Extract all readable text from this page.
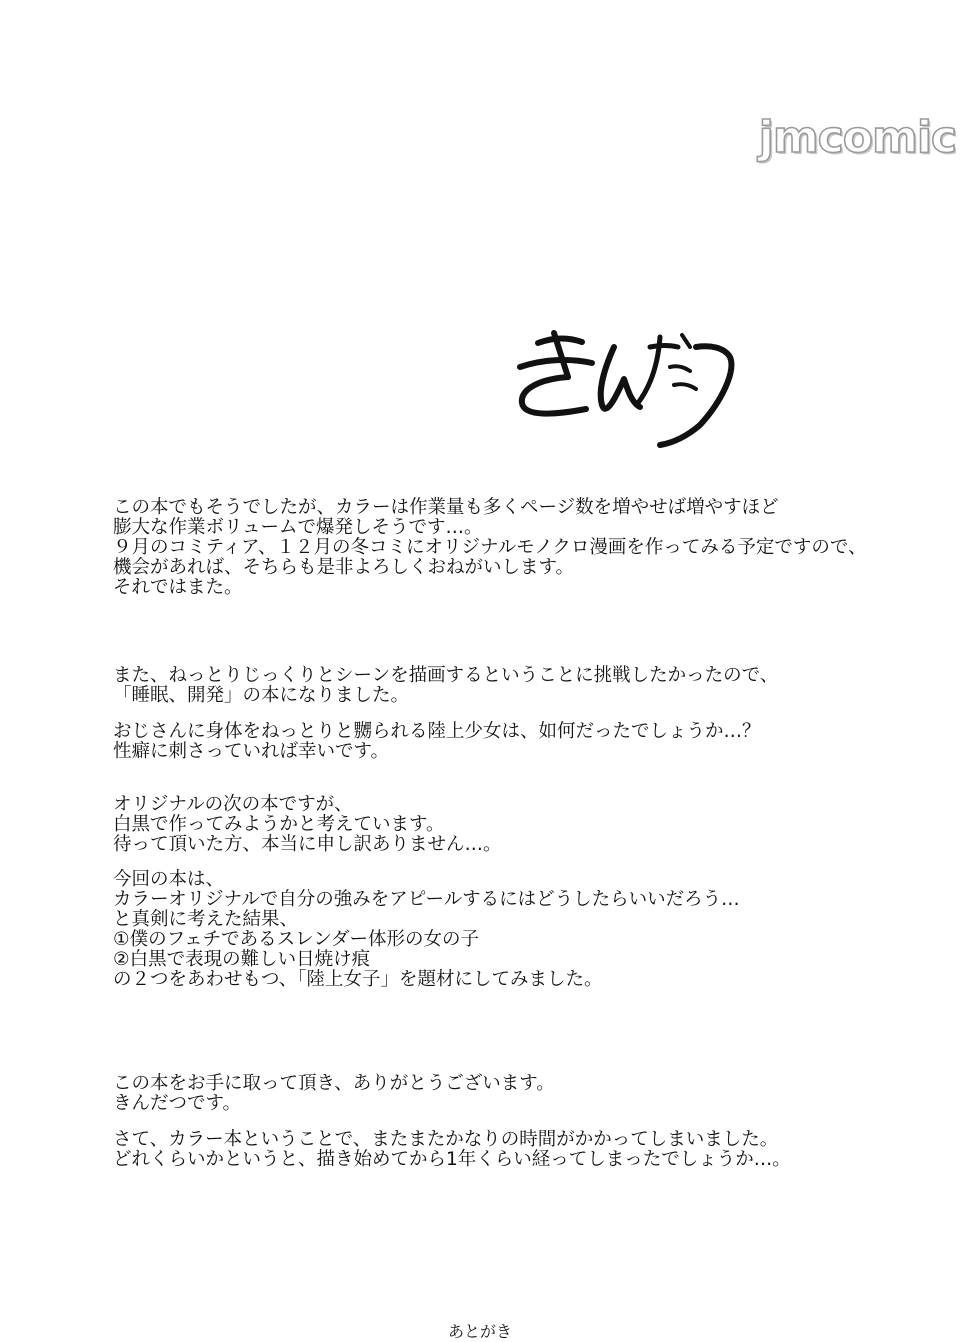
jmcomic
この本でもそうでしたが、カラーは作業量も多くページ数を増やせば増やすほど
膨大な作業ボリュームで爆発しそうです…。
９月のコミティア、１２月の冬コミにオリジナルモノクロ漫画を作ってみる予定ですので、
機会があれば、そちらも是非よろしくおねがいします。
それではまた。
また、ねっとりじっくりとシーンを描画するということに挑戦したかったので、
「睡眠、開発」の本になりました。
おじさんに身体をねっとりと嬲られる陸上少女は、如何だったでしょうか…？
性癖に刺さっていれば幸いです。
オリジナルの次の本ですが、
白黒で作ってみようかと考えています。
待って頂いた方、本当に申し訳ありません…。
今回の本は、
カラーオリジナルで自分の強みをアピールするにはどうしたらいいだろう…
と真剣に考えた結果、
①僕のフェチであるスレンダー体形の女の子
②白黒で表現の難しい日焼け痕
の２つをあわせもつ、「陸上女子」を題材にしてみました。
この本をお手に取って頂き、ありがとうございます。
きんだつです。
さて、カラー本ということで、またまたかなりの時間がかかってしまいました。
どれくらいかというと、描き始めてから1年くらい経ってしまったでしょうか…。
あとがき
